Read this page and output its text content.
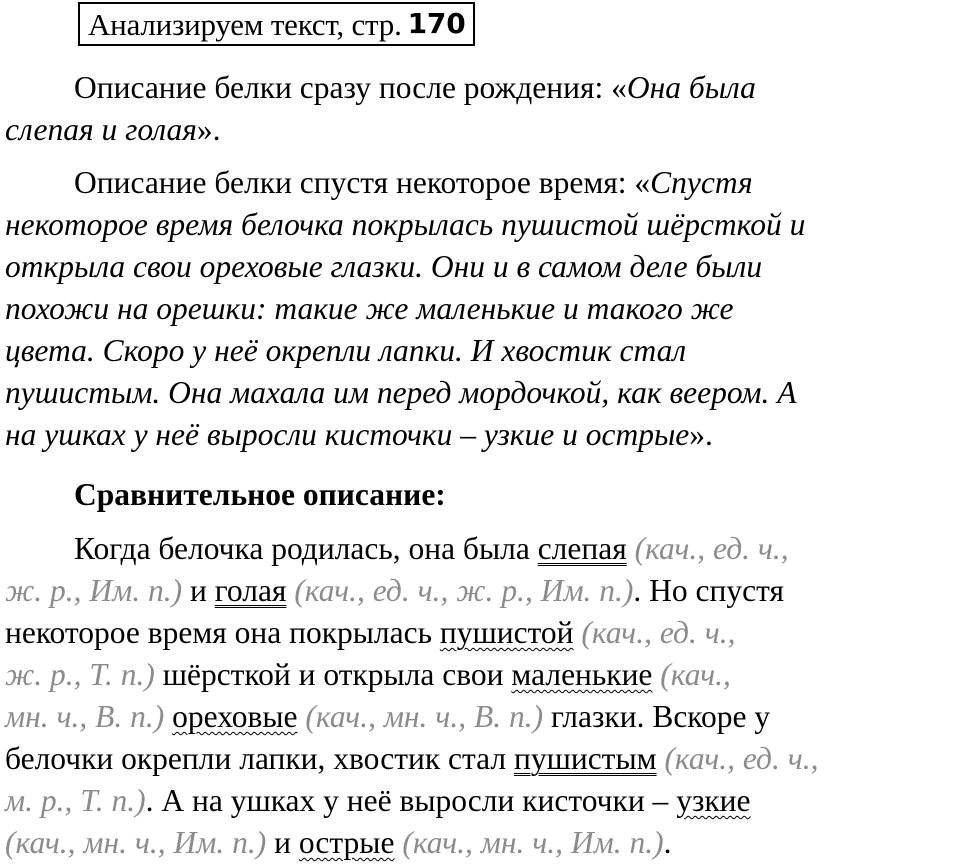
Анализируем текст, стр. 170

Описание белки сразу после рождения: «Она была
слепая и голая».

Описание белки спустя некоторое время: «Спустя
некоторое время белочка покрылась пушистой шёрсткой и
открыла свои ореховые глазки. Они и в самом деле были
похожи на орешки: такие же маленькие и такого же
цвета. Скоро у неё окрепли лапки. И хвостик стал
пушистым. Она махала им перед мордочкой, как веером. А
на ушках у неё выросли кисточки – узкие и острые».

Сравнительное описание:

Когда белочка родилась, она была слепая (кач., ед. ч.,
ж. р., Им. п.) и голая (кач., ед. ч., ж. р., Им. п.). Но спустя
некоторое время она покрылась пушистой (кач., ед. ч.,
ж. р., Т. п.) шёрсткой и открыла свои маленькие (кач.,
мн. ч., В. п.) ореховые (кач., мн. ч., В. п.) глазки. Вскоре у
белочки окрепли лапки, хвостик стал пушистым (кач., ед. ч.,
м. р., Т. п.). А на ушках у неё выросли кисточки – узкие
(кач., мн. ч., Им. п.) и острые (кач., мн. ч., Им. п.).
